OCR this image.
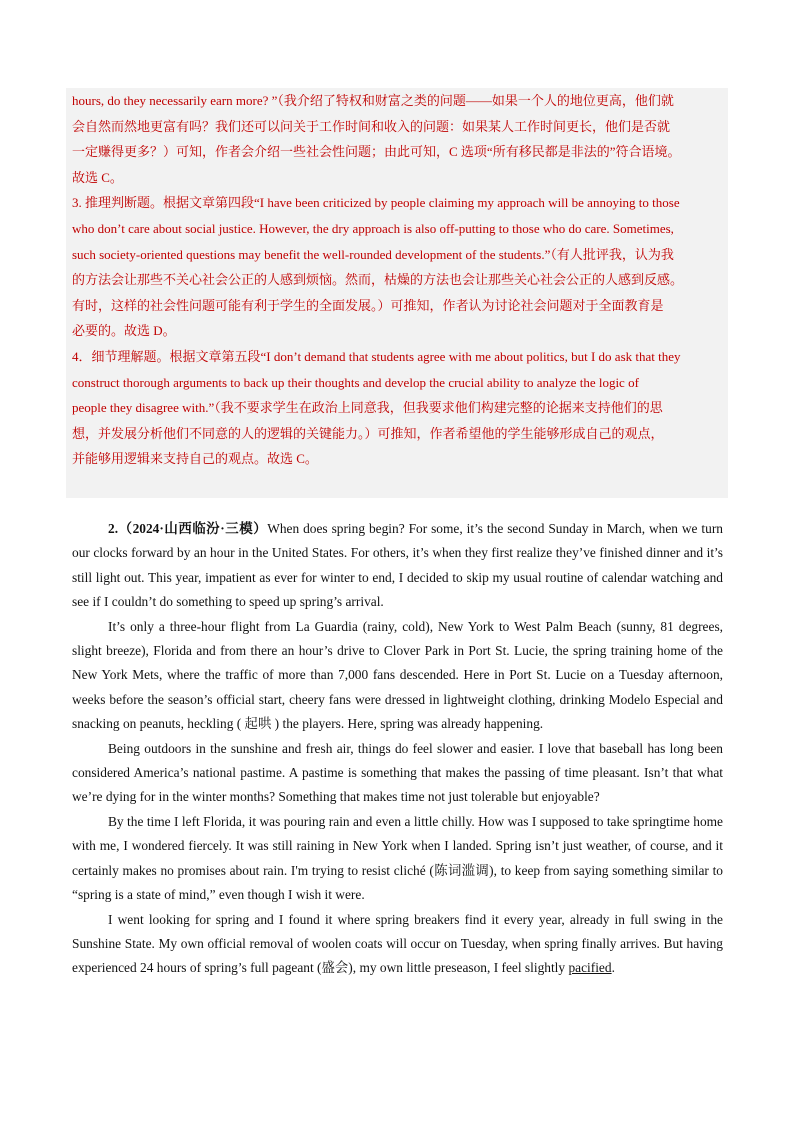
hours, do they necessarily earn more? ”（我介绍了特权和财富之类的问题——如果一个人的地位更高，他们就

会自然而然地更富有吗？我们还可以问关于工作时间和收入的问题：如果某人工作时间更长，他们是否就

一定赚得更多？）可知，作者会介绍一些社会性问题；由此可知，C 选项“所有移民都是非法的”符合语境。

故选 C。

3. 推理判断题。根据文章第四段“I have been criticized by people claiming my approach will be annoying to those

who don’t care about social justice. However, the dry approach is also off-putting to those who do care. Sometimes,

such society-oriented questions may benefit the well-rounded development of the students.”（有人批评我，认为我

的方法会让那些不关心社会公正的人感到烦恼。然而，枯燥的方法也会让那些关心社会公正的人感到反感。

有时，这样的社会性问题可能有利于学生的全面发展。）可推知，作者认为讨论社会问题对于全面教育是

必要的。故选 D。

4．细节理解题。根据文章第五段“I don’t demand that students agree with me about politics, but I do ask that they

construct thorough arguments to back up their thoughts and develop the crucial ability to analyze the logic of

people they disagree with.”（我不要求学生在政治上同意我，但我要求他们构建完整的论据来支持他们的思

想，并发展分析他们不同意的人的逻辑的关键能力。）可推知，作者希望他的学生能够形成自己的观点，

并能够用逻辑来支持自己的观点。故选 C。

2.（2024·山西临汾·三模）When does spring begin? For some, it’s the second Sunday in March, when we turn our clocks forward by an hour in the United States. For others, it’s when they first realize they’ve finished dinner and it’s still light out. This year, impatient as ever for winter to end, I decided to skip my usual routine of calendar watching and see if I couldn’t do something to speed up spring’s arrival.

It’s only a three-hour flight from La Guardia (rainy, cold), New York to West Palm Beach (sunny, 81 degrees, slight breeze), Florida and from there an hour’s drive to Clover Park in Port St. Lucie, the spring training home of the New York Mets, where the traffic of more than 7,000 fans descended. Here in Port St. Lucie on a Tuesday afternoon, weeks before the season’s official start, cheery fans were dressed in lightweight clothing, drinking Modelo Especial and snacking on peanuts, heckling ( 起哄 ) the players. Here, spring was already happening.

Being outdoors in the sunshine and fresh air, things do feel slower and easier. I love that baseball has long been considered America’s national pastime. A pastime is something that makes the passing of time pleasant. Isn’t that what we’re dying for in the winter months? Something that makes time not just tolerable but enjoyable?

By the time I left Florida, it was pouring rain and even a little chilly. How was I supposed to take springtime home with me, I wondered fiercely. It was still raining in New York when I landed. Spring isn’t just weather, of course, and it certainly makes no promises about rain. I'm trying to resist cliché (陈词滥调), to keep from saying something similar to “spring is a state of mind,” even though I wish it were.

I went looking for spring and I found it where spring breakers find it every year, already in full swing in the Sunshine State. My own official removal of woolen coats will occur on Tuesday, when spring finally arrives. But having experienced 24 hours of spring’s full pageant (盛会), my own little preseason, I feel slightly pacified.
